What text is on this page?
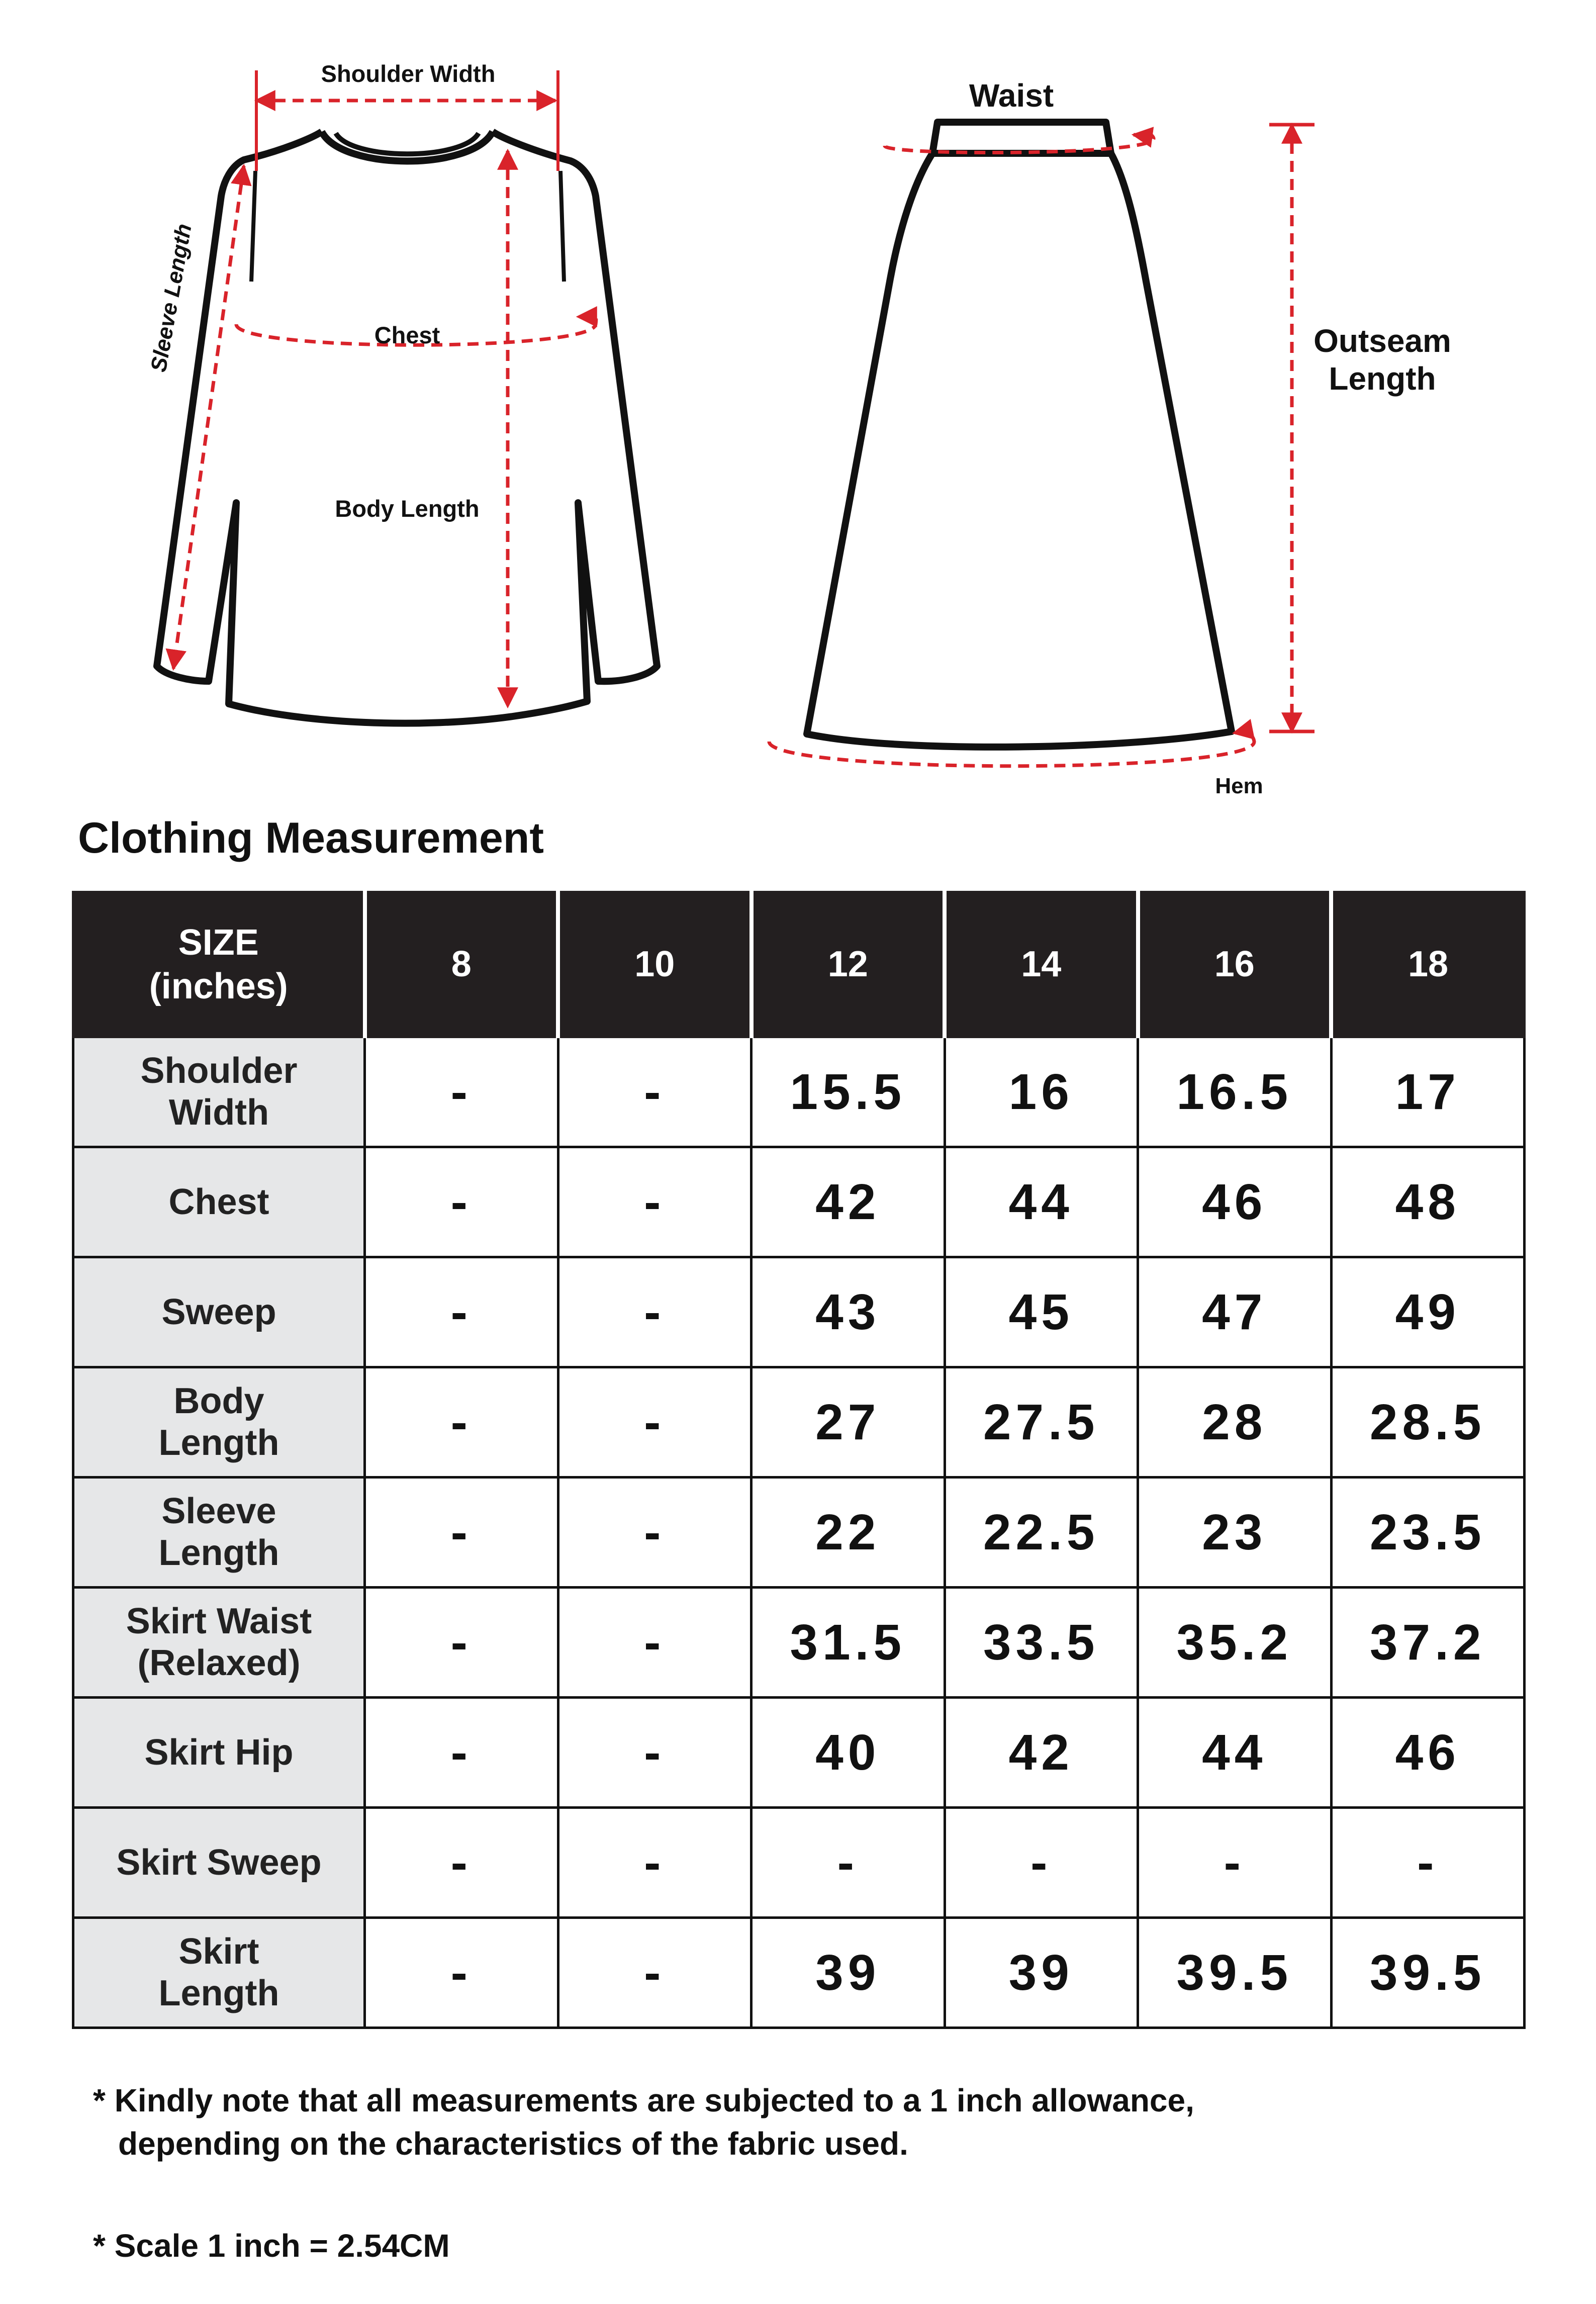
Shoulder Width
Chest
Body Length
Sleeve Length
Waist
Outseam
Length
Hem
Clothing Measurement
SIZE
(inches)	8	10	12	14	16	18
Shoulder
Width	-	-	15.5	16	16.5	17
Chest	-	-	42	44	46	48
Sweep	-	-	43	45	47	49
Body
Length	-	-	27	27.5	28	28.5
Sleeve
Length	-	-	22	22.5	23	23.5
Skirt Waist
(Relaxed)	-	-	31.5	33.5	35.2	37.2
Skirt Hip	-	-	40	42	44	46
Skirt Sweep	-	-	-	-	-	-
Skirt
Length	-	-	39	39	39.5	39.5
* Kindly note that all measurements are subjected to a 1 inch allowance,
depending on the characteristics of the fabric used.
* Scale 1 inch = 2.54CM
